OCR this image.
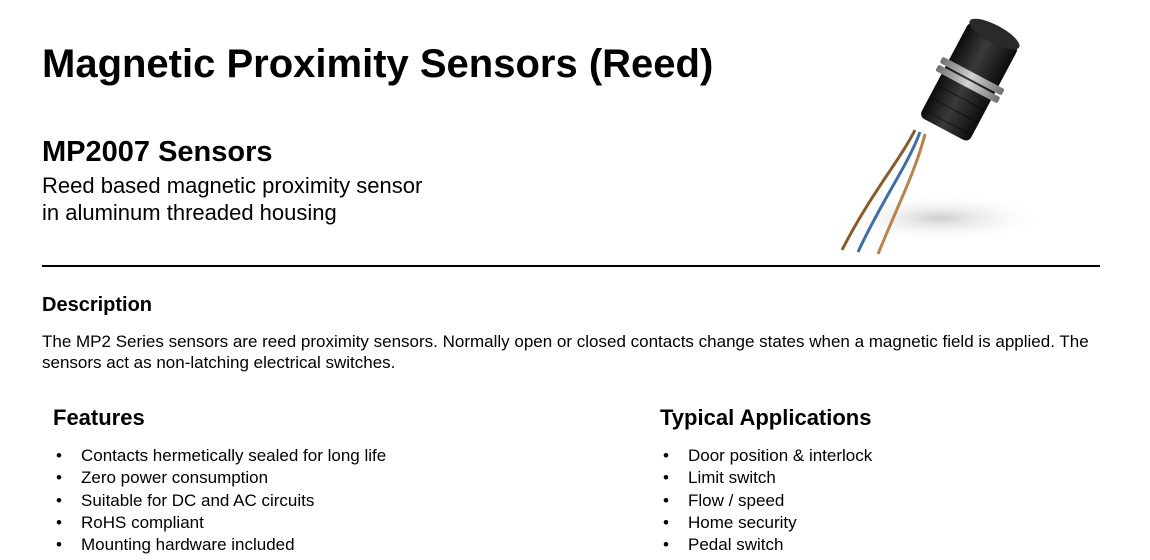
Magnetic Proximity Sensors (Reed)
MP2007 Sensors

Reed based magnetic proximity sensor
in aluminum threaded housing

Description

The MP2 Series sensors are reed proximity sensors. Normally open or closed contacts change states when a magnetic field is applied. The sensors act as non-latching electrical switches.

Features
• Contacts hermetically sealed for long life
• Zero power consumption
• Suitable for DC and AC circuits
• RoHS compliant
• Mounting hardware included
Typical Applications
• Door position & interlock
• Limit switch
• Flow / speed
• Home security
• Pedal switch
